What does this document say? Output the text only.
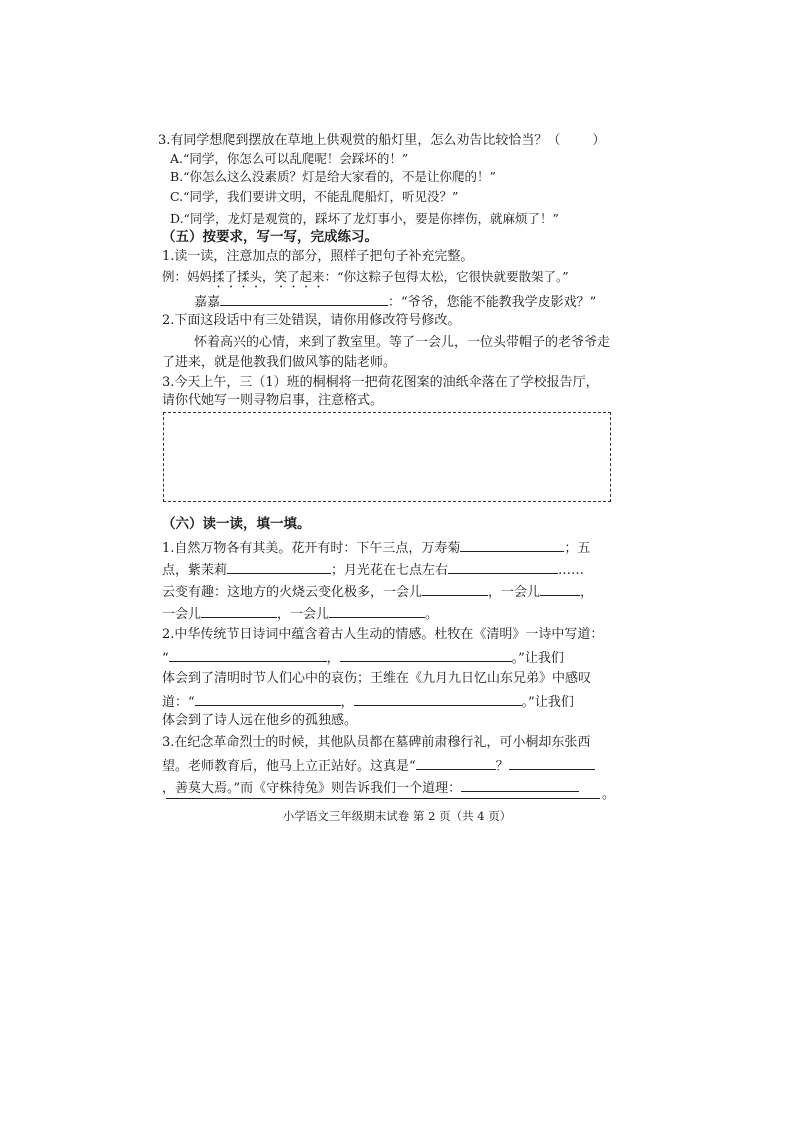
3.有同学想爬到摆放在草地上供观赏的船灯里，怎么劝告比较恰当？（ ）
A.“同学，你怎么可以乱爬呢！会踩坏的！”
B.“你怎么这么没素质？灯是给大家看的，不是让你爬的！”
C.“同学，我们要讲文明，不能乱爬船灯，听见没？”
D.“同学，龙灯是观赏的，踩坏了龙灯事小，要是你摔伤，就麻烦了！”
（五）按要求，写一写，完成练习。
1.读一读，注意加点的部分，照样子把句子补充完整。
例：妈妈揉了揉头，笑了起来：“你这粽子包得太松，它很快就要散架了。”
嘉嘉	：“爷爷，您能不能教我学皮影戏？”
2.下面这段话中有三处错误，请你用修改符号修改。
怀着高兴的心情，来到了教室里。等了一会儿，一位头带帽子的老爷爷走
了进来，就是他教我们做风筝的陆老师。
3.今天上午，三（1）班的桐桐将一把荷花图案的油纸伞落在了学校报告厅，
请你代她写一则寻物启事，注意格式。
（六）读一读，填一填。
1.自然万物各有其美。花开有时：下午三点，万寿菊	；五
点，紫茉莉	；月光花在七点左右	……
云变有趣：这地方的火烧云变化极多，一会儿	，一会儿	，
一会儿	，一会儿	。
2.中华传统节日诗词中蕴含着古人生动的情感。杜牧在《清明》一诗中写道：
“	，	。”让我们
体会到了清明时节人们心中的哀伤；王维在《九月九日忆山东兄弟》中感叹
道：“	，	。”让我们
体会到了诗人远在他乡的孤独感。
3.在纪念革命烈士的时候，其他队员都在墓碑前肃穆行礼，可小桐却东张西
望。老师教育后，他马上立正站好。这真是“	？
，善莫大焉。”而《守株待兔》则告诉我们一个道理：	。
小学语文三年级期末试卷 第 2 页（共 4 页）
